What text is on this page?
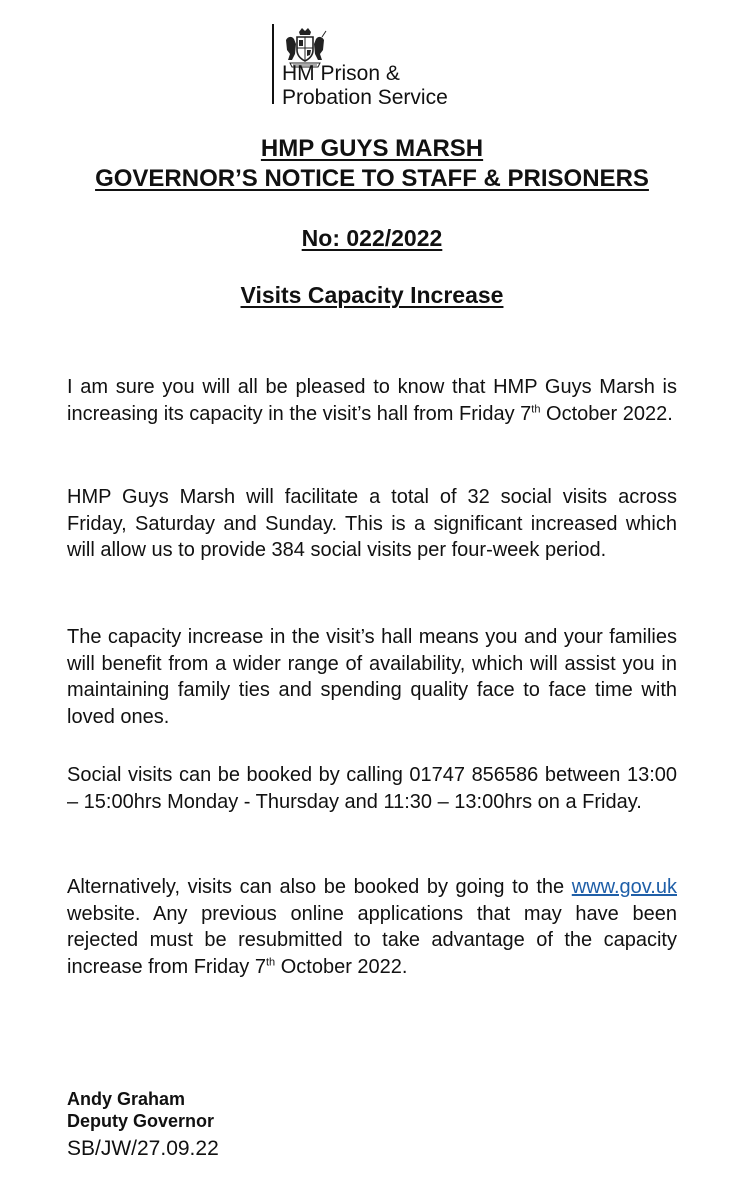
HM Prison &
Probation Service
HMP GUYS MARSH
GOVERNOR’S NOTICE TO STAFF & PRISONERS
No: 022/2022
Visits Capacity Increase

I am sure you will all be pleased to know that HMP Guys Marsh is increasing its capacity in the visit’s hall from Friday 7th October 2022.

HMP Guys Marsh will facilitate a total of 32 social visits across Friday, Saturday and Sunday. This is a significant increased which will allow us to provide 384 social visits per four-week period.

The capacity increase in the visit’s hall means you and your families will benefit from a wider range of availability, which will assist you in maintaining family ties and spending quality face to face time with loved ones.

Social visits can be booked by calling 01747 856586 between 13:00 – 15:00hrs Monday - Thursday and 11:30 – 13:00hrs on a Friday.

Alternatively, visits can also be booked by going to the www.gov.uk website. Any previous online applications that may have been rejected must be resubmitted to take advantage of the capacity increase from Friday 7th October 2022.

Andy Graham
Deputy Governor
SB/JW/27.09.22
